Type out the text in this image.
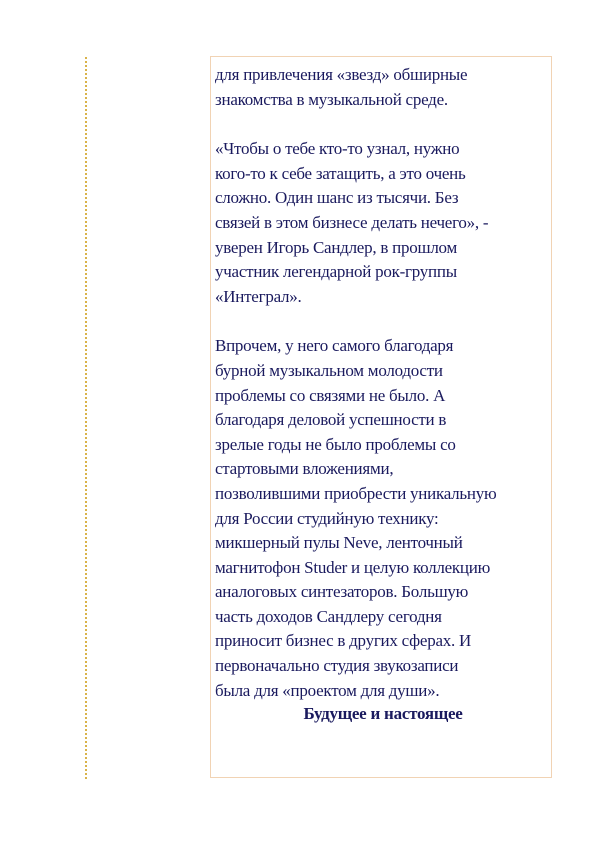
для привлечения «звезд» обширные
знакомства в музыкальной среде.

«Чтобы о тебе кто-то узнал, нужно
кого-то к себе затащить, а это очень
сложно. Один шанс из тысячи. Без
связей в этом бизнесе делать нечего», -
уверен Игорь Сандлер, в прошлом
участник легендарной рок-группы
«Интеграл».

Впрочем, у него самого благодаря
бурной музыкальном молодости
проблемы со связями не было. А
благодаря деловой успешности в
зрелые годы не было проблемы со
стартовыми вложениями,
позволившими приобрести уникальную
для России студийную технику:
микшерный пулы Neve, ленточный
магнитофон Studer и целую коллекцию
аналоговых синтезаторов. Большую
часть доходов Сандлеру сегодня
приносит бизнес в других сферах. И
первоначально студия звукозаписи
была для «проектом для души».

Будущее и настоящее
